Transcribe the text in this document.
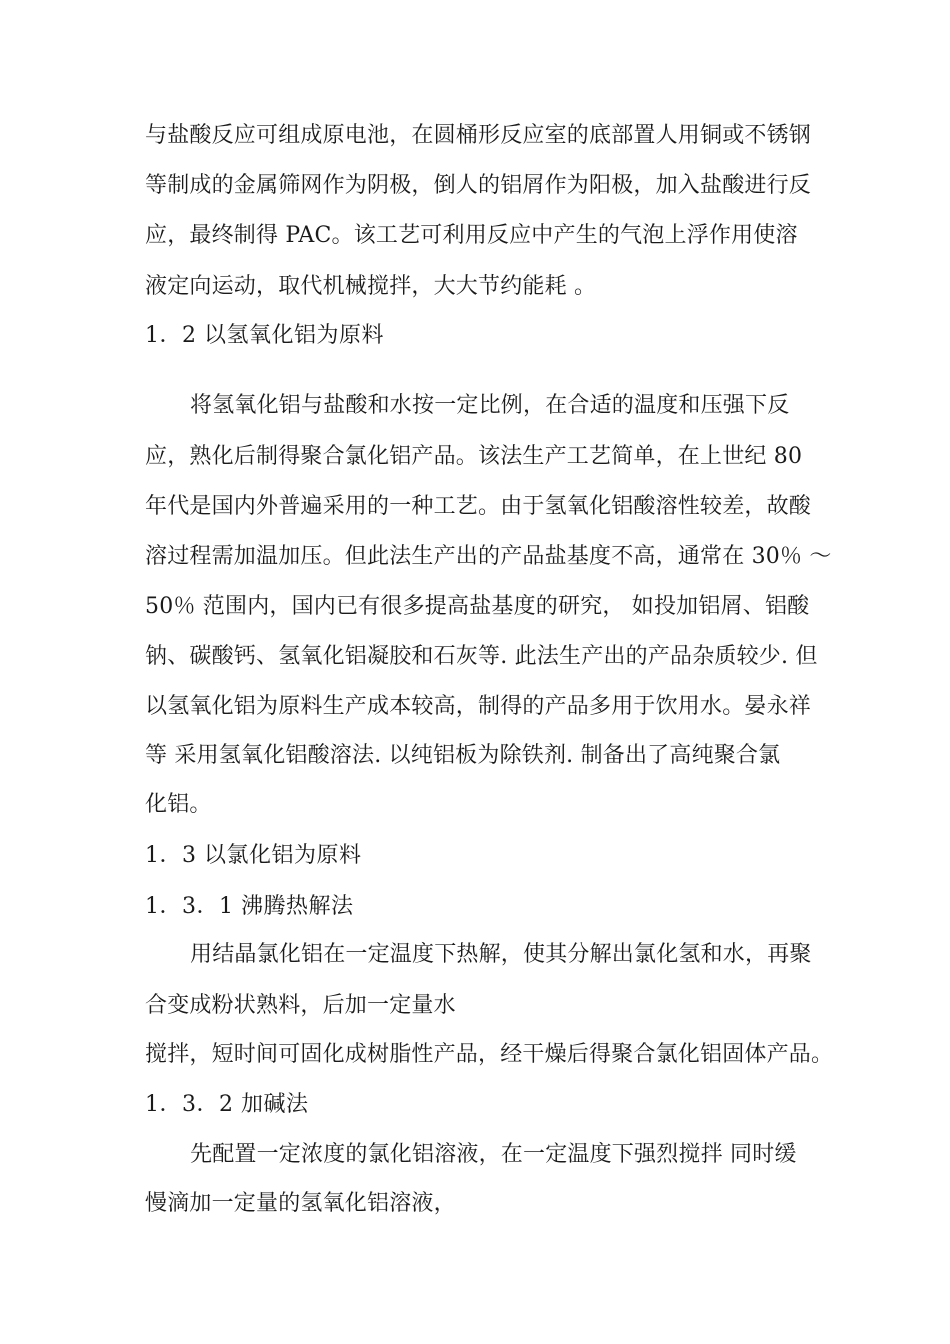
与盐酸反应可组成原电池，在圆桶形反应室的底部置人用铜或不锈钢
等制成的金属筛网作为阴极，倒人的铝屑作为阳极，加入盐酸进行反
应，最终制得 PAC。该工艺可利用反应中产生的气泡上浮作用使溶
液定向运动，取代机械搅拌，大大节约能耗 。
1．2 以氢氧化铝为原料
将氢氧化铝与盐酸和水按一定比例，在合适的温度和压强下反
应，熟化后制得聚合氯化铝产品。该法生产工艺简单，在上世纪 80
年代是国内外普遍采用的一种工艺。由于氢氧化铝酸溶性较差，故酸
溶过程需加温加压。但此法生产出的产品盐基度不高，通常在 30％ ～
50％ 范围内，国内已有很多提高盐基度的研究， 如投加铝屑、铝酸
钠、碳酸钙、氢氧化铝凝胶和石灰等. 此法生产出的产品杂质较少. 但
以氢氧化铝为原料生产成本较高，制得的产品多用于饮用水。晏永祥
等 采用氢氧化铝酸溶法. 以纯铝板为除铁剂. 制备出了高纯聚合氯
化铝。
1．3 以氯化铝为原料
1．3．1 沸腾热解法
用结晶氯化铝在一定温度下热解，使其分解出氯化氢和水，再聚
合变成粉状熟料，后加一定量水
搅拌，短时间可固化成树脂性产品，经干燥后得聚合氯化铝固体产品。
1．3．2 加碱法
先配置一定浓度的氯化铝溶液，在一定温度下强烈搅拌 同时缓
慢滴加一定量的氢氧化铝溶液，
